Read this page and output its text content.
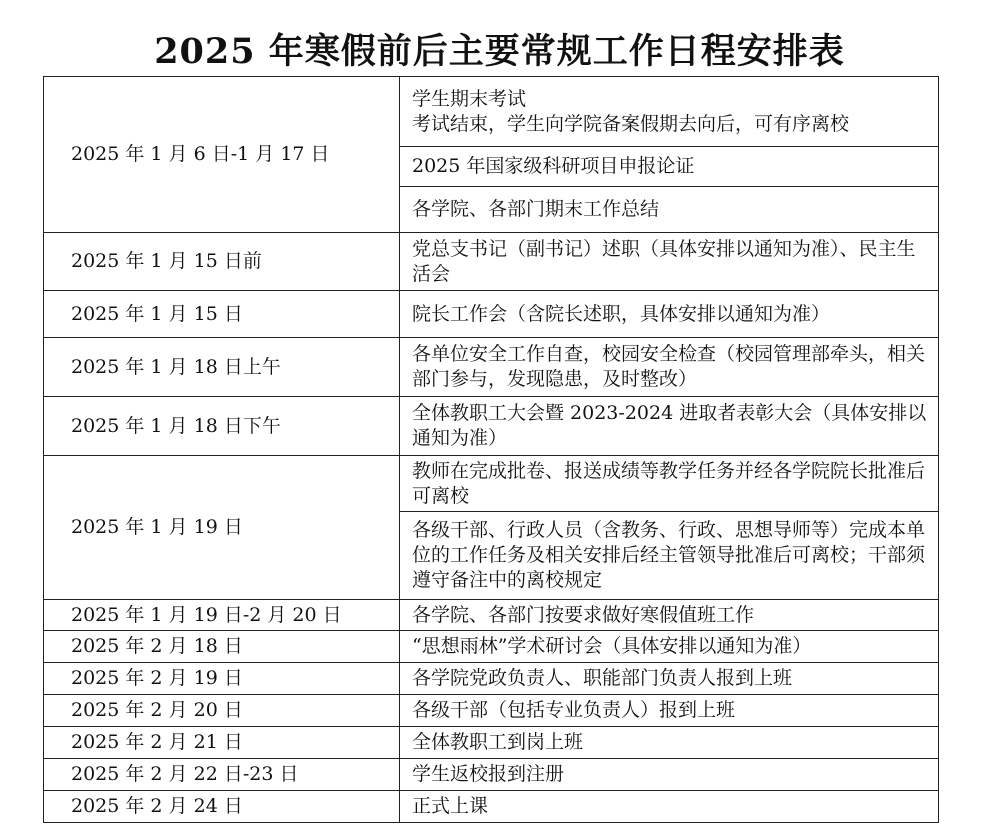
2025 年寒假前后主要常规工作日程安排表
2025 年 1 月 6 日-1 月 17 日	学生期末考试
考试结束，学生向学院备案假期去向后，可有序离校

	2025 年国家级科研项目申报论证
	各学院、各部门期末工作总结
2025 年 1 月 15 日前	党总支书记（副书记）述职（具体安排以通知为准）、民主生活会
2025 年 1 月 15 日	院长工作会（含院长述职，具体安排以通知为准）
2025 年 1 月 18 日上午	各单位安全工作自查，校园安全检查（校园管理部牵头，相关部门参与，发现隐患，及时整改）
2025 年 1 月 18 日下午	全体教职工大会暨 2023-2024 进取者表彰大会（具体安排以通知为准）
2025 年 1 月 19 日	教师在完成批卷、报送成绩等教学任务并经各学院院长批准后可离校
	各级干部、行政人员（含教务、行政、思想导师等）完成本单位的工作任务及相关安排后经主管领导批准后可离校；干部须遵守备注中的离校规定
2025 年 1 月 19 日-2 月 20 日	各学院、各部门按要求做好寒假值班工作
2025 年 2 月 18 日	“思想雨林”学术研讨会（具体安排以通知为准）
2025 年 2 月 19 日	各学院党政负责人、职能部门负责人报到上班
2025 年 2 月 20 日	各级干部（包括专业负责人）报到上班
2025 年 2 月 21 日	全体教职工到岗上班
2025 年 2 月 22 日-23 日	学生返校报到注册
2025 年 2 月 24 日	正式上课
